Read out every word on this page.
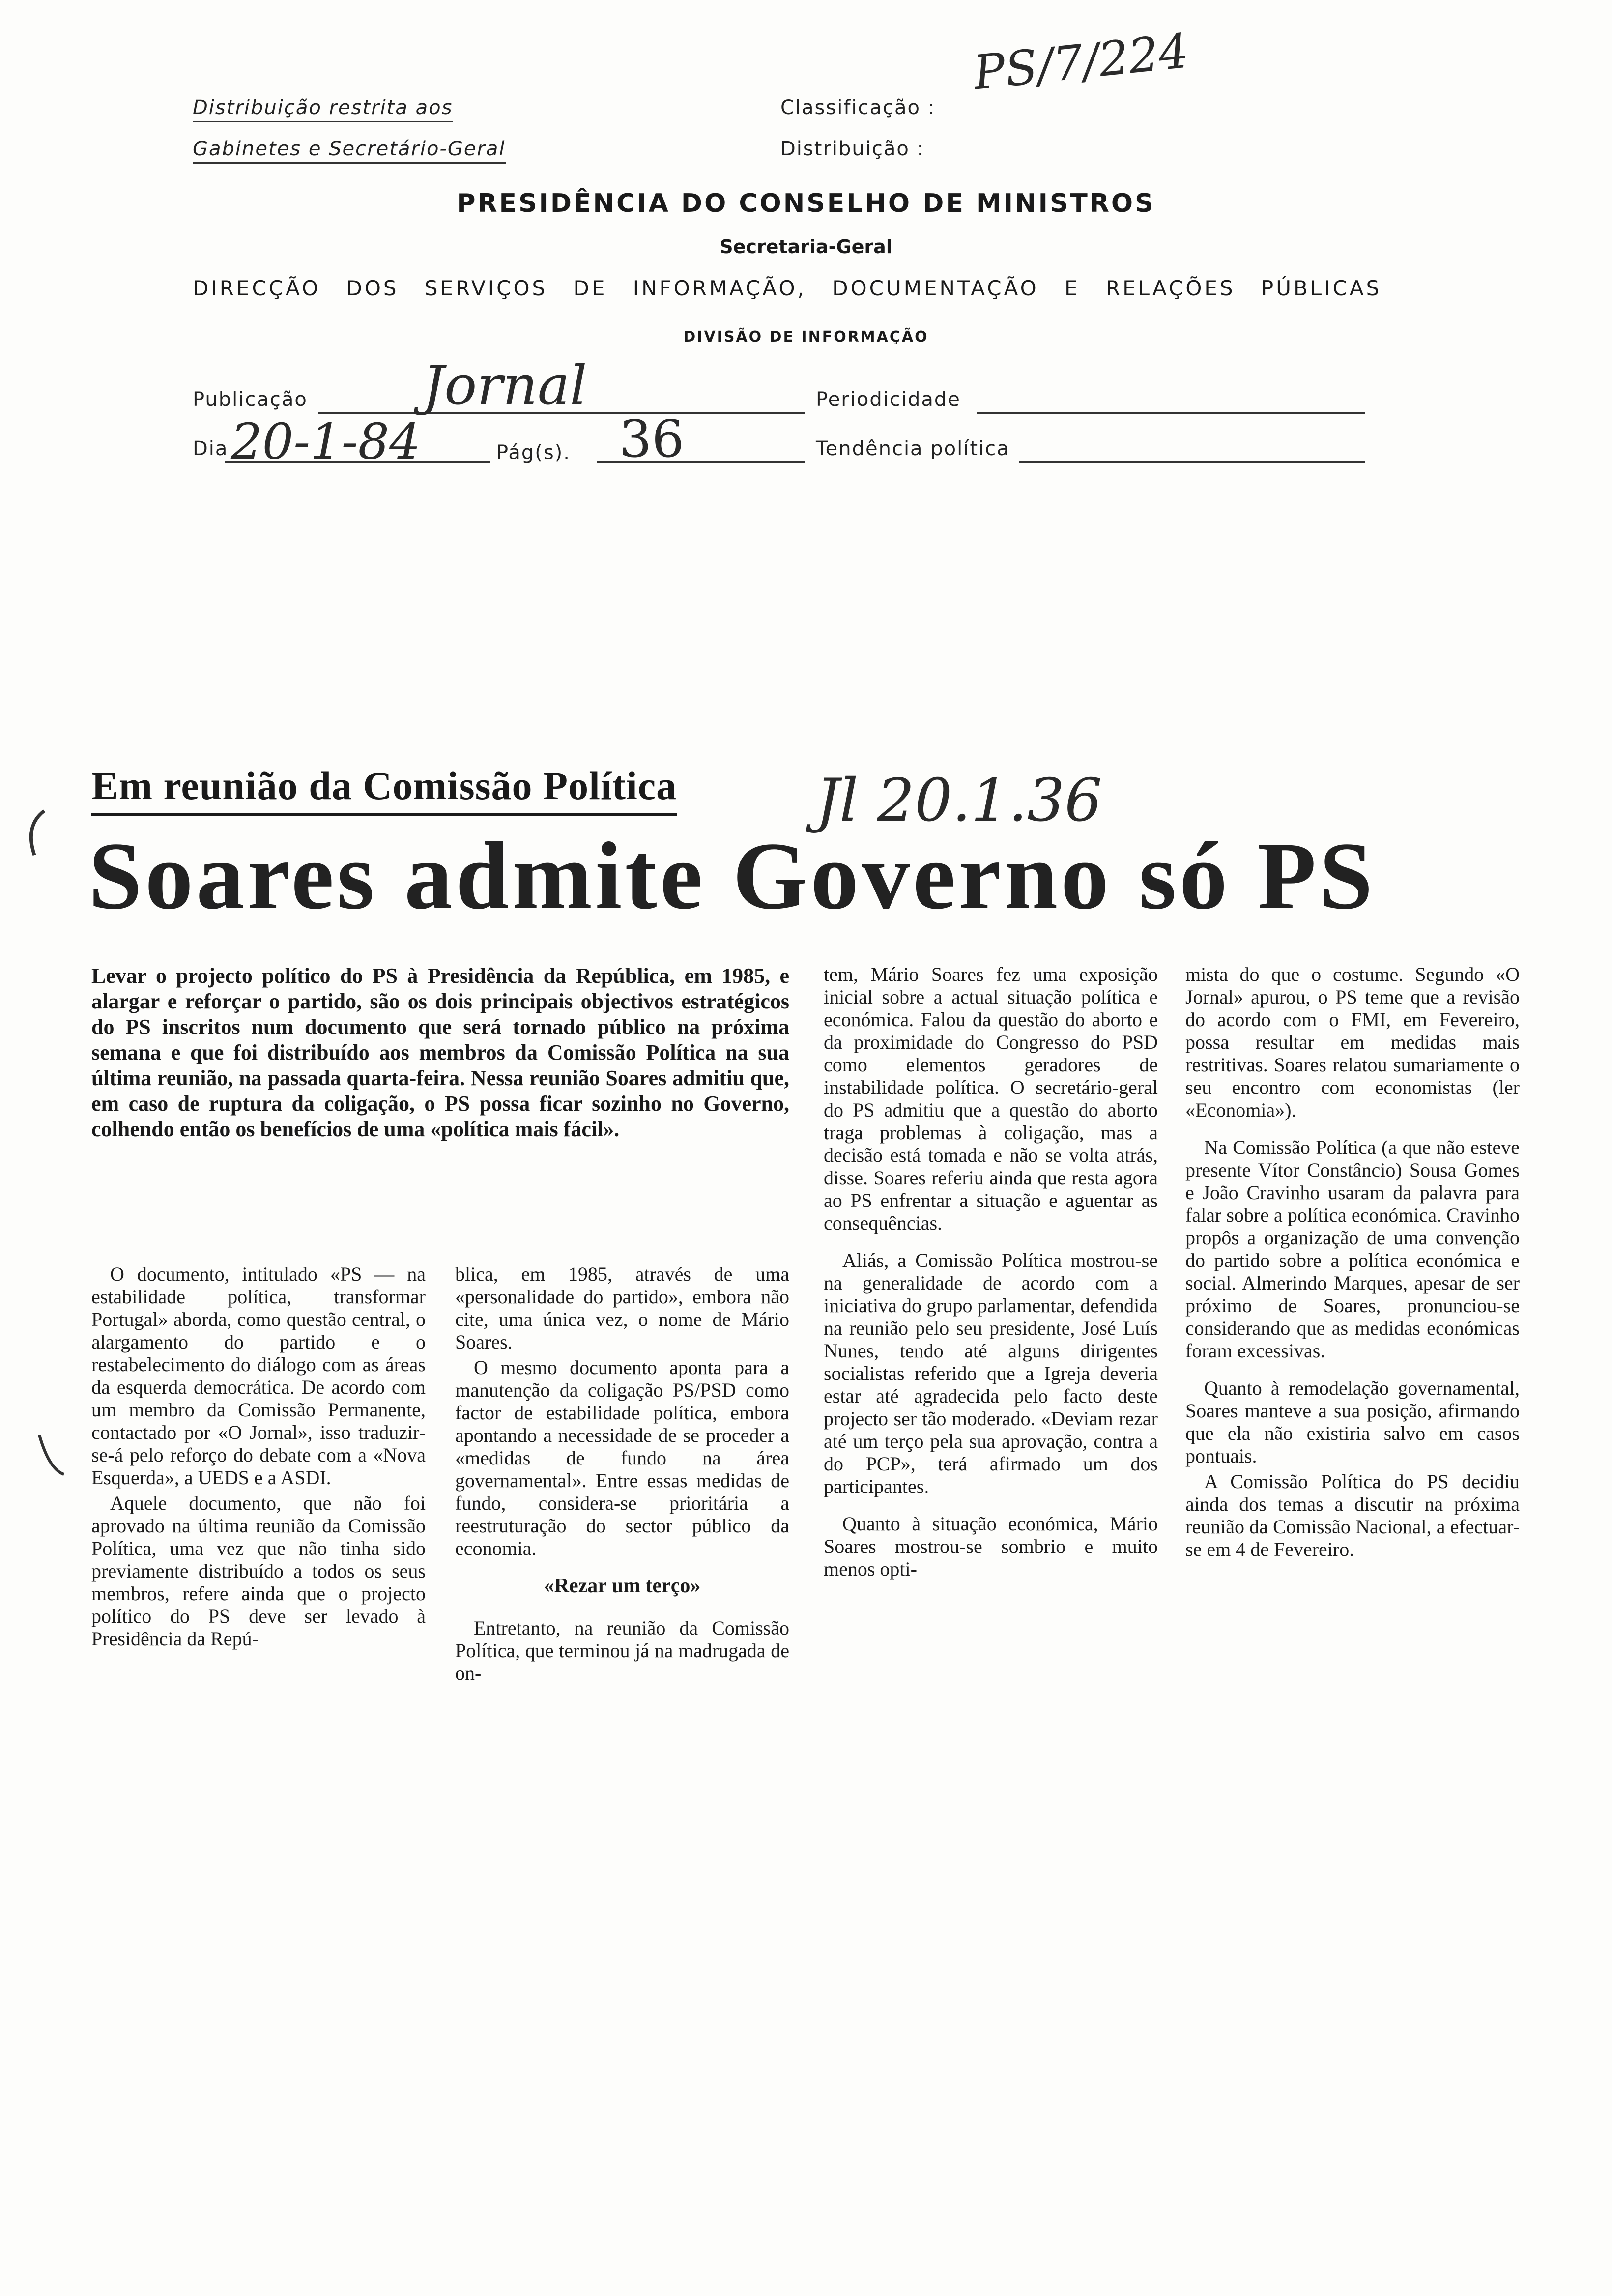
Distribuição restrita aos
Gabinetes e Secretário-Geral
Classificação :
Distribuição :
PS/7/224
PRESIDÊNCIA DO CONSELHO DE MINISTROS
Secretaria-Geral
DIRECÇÃO DOS SERVIÇOS DE INFORMAÇÃO, DOCUMENTAÇÃO E RELAÇÕES PÚBLICAS
DIVISÃO DE INFORMAÇÃO
Publicação Jornal	Periodicidade
Dia 20-1-84	Pág(s). 36	Tendência política
Em reunião da Comissão Política Jl 20.1.36
Soares admite Governo só PS
Levar o projecto político do PS à Presidência da República, em 1985, e alargar e reforçar o partido, são os dois principais objectivos estratégicos do PS inscritos num documento que será tornado público na próxima semana e que foi distribuído aos membros da Comissão Política na sua última reunião, na passada quarta-feira. Nessa reunião Soares admitiu que, em caso de ruptura da coligação, o PS possa ficar sozinho no Governo, colhendo então os benefícios de uma «política mais fácil».

O documento, intitulado «PS — na estabilidade política, transformar Portugal» aborda, como questão central, o alargamento do partido e o restabelecimento do diálogo com as áreas da esquerda democrática. De acordo com um membro da Comissão Permanente, contactado por «O Jornal», isso traduzir-se-á pelo reforço do debate com a «Nova Esquerda», a UEDS e a ASDI.

Aquele documento, que não foi aprovado na última reunião da Comissão Política, uma vez que não tinha sido previamente distribuído a todos os seus membros, refere ainda que o projecto político do PS deve ser levado à Presidência da Repú-

blica, em 1985, através de uma «personalidade do partido», embora não cite, uma única vez, o nome de Mário Soares.

O mesmo documento aponta para a manutenção da coligação PS/PSD como factor de estabilidade política, embora apontando a necessidade de se proceder a «medidas de fundo na área governamental». Entre essas medidas de fundo, considera-se prioritária a reestruturação do sector público da economia.

«Rezar um terço»

Entretanto, na reunião da Comissão Política, que terminou já na madrugada de on-

tem, Mário Soares fez uma exposição inicial sobre a actual situação política e económica. Falou da questão do aborto e da proximidade do Congresso do PSD como elementos geradores de instabilidade política. O secretário-geral do PS admitiu que a questão do aborto traga problemas à coligação, mas a decisão está tomada e não se volta atrás, disse. Soares referiu ainda que resta agora ao PS enfrentar a situação e aguentar as consequências.

Aliás, a Comissão Política mostrou-se na generalidade de acordo com a iniciativa do grupo parlamentar, defendida na reunião pelo seu presidente, José Luís Nunes, tendo até alguns dirigentes socialistas referido que a Igreja deveria estar até agradecida pelo facto deste projecto ser tão moderado. «Deviam rezar até um terço pela sua aprovação, contra a do PCP», terá afirmado um dos participantes.

Quanto à situação económica, Mário Soares mostrou-se sombrio e muito menos opti-

mista do que o costume. Segundo «O Jornal» apurou, o PS teme que a revisão do acordo com o FMI, em Fevereiro, possa resultar em medidas mais restritivas. Soares relatou sumariamente o seu encontro com economistas (ler «Economia»).

Na Comissão Política (a que não esteve presente Vítor Constâncio) Sousa Gomes e João Cravinho usaram da palavra para falar sobre a política económica. Cravinho propôs a organização de uma convenção do partido sobre a política económica e social. Almerindo Marques, apesar de ser próximo de Soares, pronunciou-se considerando que as medidas económicas foram excessivas.

Quanto à remodelação governamental, Soares manteve a sua posição, afirmando que ela não existiria salvo em casos pontuais.

A Comissão Política do PS decidiu ainda dos temas a discutir na próxima reunião da Comissão Nacional, a efectuar-se em 4 de Fevereiro.
